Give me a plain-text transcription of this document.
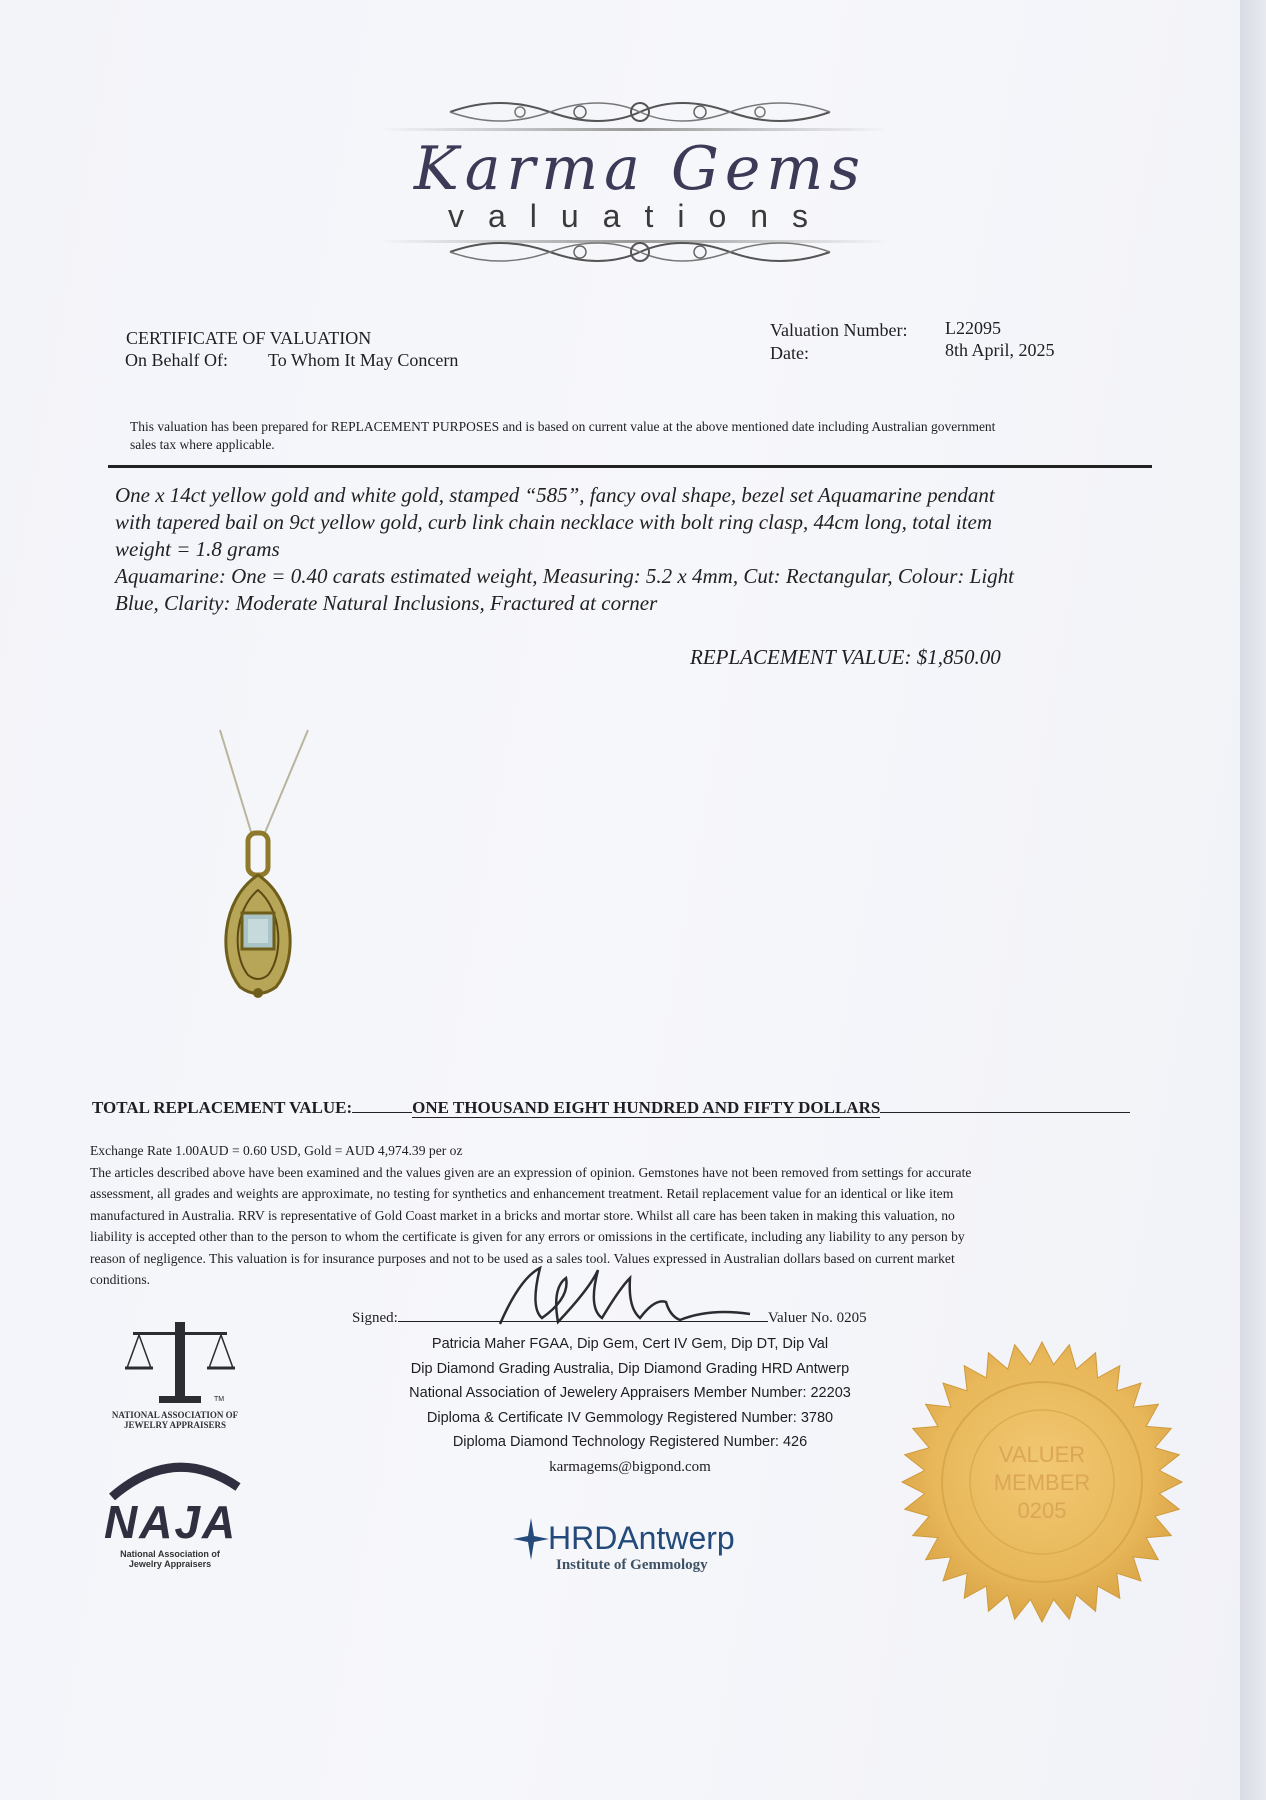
Karma Gems
valuations
CERTIFICATE OF VALUATION
On Behalf Of: To Whom It May Concern
Valuation Number: L22095
Date:	8th April, 2025
This valuation has been prepared for REPLACEMENT PURPOSES and is based on current value at the above mentioned date including Australian government
sales tax where applicable.

One x 14ct yellow gold and white gold, stamped “585”, fancy oval shape, bezel set Aquamarine pendant

with tapered bail on 9ct yellow gold, curb link chain necklace with bolt ring clasp, 44cm long, total item

weight = 1.8 grams

Aquamarine: One = 0.40 carats estimated weight, Measuring: 5.2 x 4mm, Cut: Rectangular, Colour: Light

Blue, Clarity: Moderate Natural Inclusions, Fractured at corner

REPLACEMENT VALUE: $1,850.00
TOTAL REPLACEMENT VALUE:	ONE THOUSAND EIGHT HUNDRED AND FIFTY DOLLARS

Exchange Rate 1.00AUD = 0.60 USD, Gold = AUD 4,974.39 per oz

The articles described above have been examined and the values given are an expression of opinion. Gemstones have not been removed from settings for accurate

assessment, all grades and weights are approximate, no testing for synthetics and enhancement treatment. Retail replacement value for an identical or like item

manufactured in Australia. RRV is representative of Gold Coast market in a bricks and mortar store. Whilst all care has been taken in making this valuation, no

liability is accepted other than to the person to whom the certificate is given for any errors or omissions in the certificate, including any liability to any person by

reason of negligence. This valuation is for insurance purposes and not to be used as a sales tool. Values expressed in Australian dollars based on current market

conditions.

Signed:	Valuer No. 0205
Patricia Maher FGAA, Dip Gem, Cert IV Gem, Dip DT, Dip Val
Dip Diamond Grading Australia, Dip Diamond Grading HRD Antwerp
National Association of Jewelery Appraisers Member Number: 22203
Diploma & Certificate IV Gemmology Registered Number: 3780
Diploma Diamond Technology Registered Number: 426
karmagems@bigpond.com
TM
NATIONAL ASSOCIATION OF
JEWELRY APPRAISERS
NAJA
National Association of
Jewelry Appraisers
HRDAntwerp
Institute of Gemmology
VALUER
MEMBER
0205
